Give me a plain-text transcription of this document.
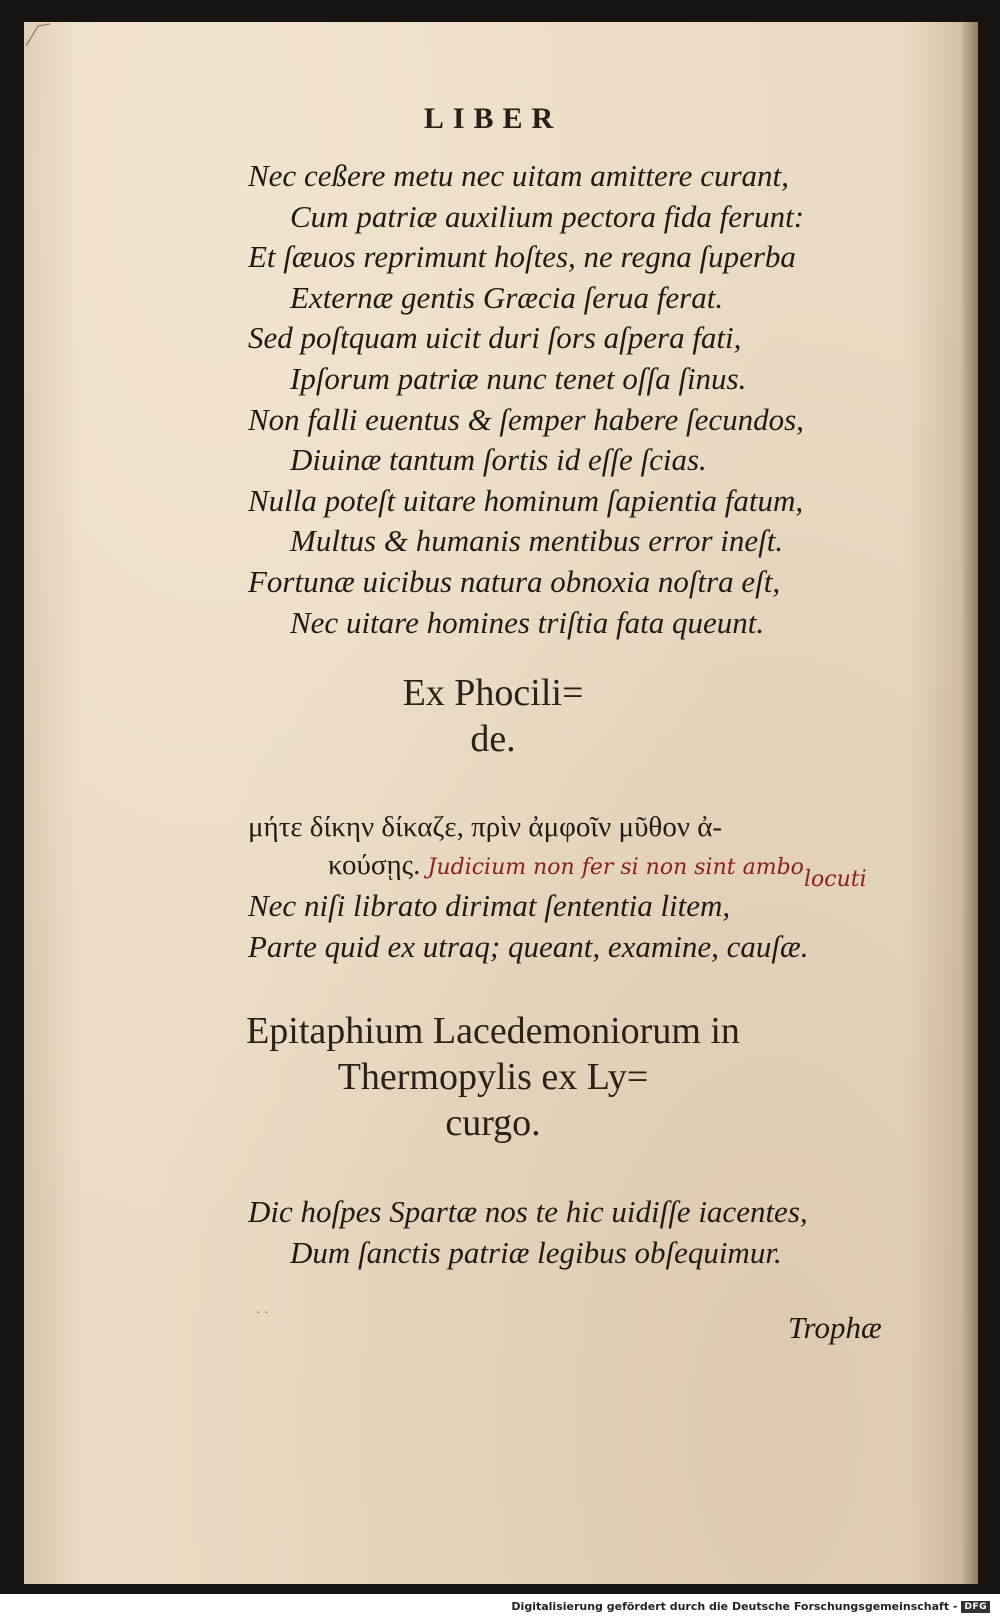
LIBER
Nec ceßere metu nec uitam amittere curant,
Cum patriæ auxilium pectora fida ferunt:
Et ſæuos reprimunt hoſtes, ne regna ſuperba
Externæ gentis Græcia ſerua ferat.
Sed poſtquam uicit duri ſors aſpera fati,
Ipſorum patriæ nunc tenet oſſa ſinus.
Non falli euentus & ſemper habere ſecundos,
Diuinæ tantum ſortis id eſſe ſcias.
Nulla poteſt uitare hominum ſapientia fatum,
Multus & humanis mentibus error ineſt.
Fortunæ uicibus natura obnoxia noſtra eſt,
Nec uitare homines triſtia fata queunt.
Ex Phocili=
de.
μήτε δίκην δίκαζε, πρὶν ἀμφοῖν μῦθον ἀ‐
κούσῃς. Judicium non fer si non sint ambo locuti
Nec niſi librato dirimat ſententia litem,
Parte quid ex utraq; queant, examine, cauſæ.
Epitaphium Lacedemoniorum in
Thermopylis ex Ly=
curgo.
Dic hoſpes Spartæ nos te hic uidiſſe iacentes,
Dum ſanctis patriæ legibus obſequimur.
· ·	Trophæ
Digitalisierung gefördert durch die Deutsche Forschungsgemeinschaft - DFG
